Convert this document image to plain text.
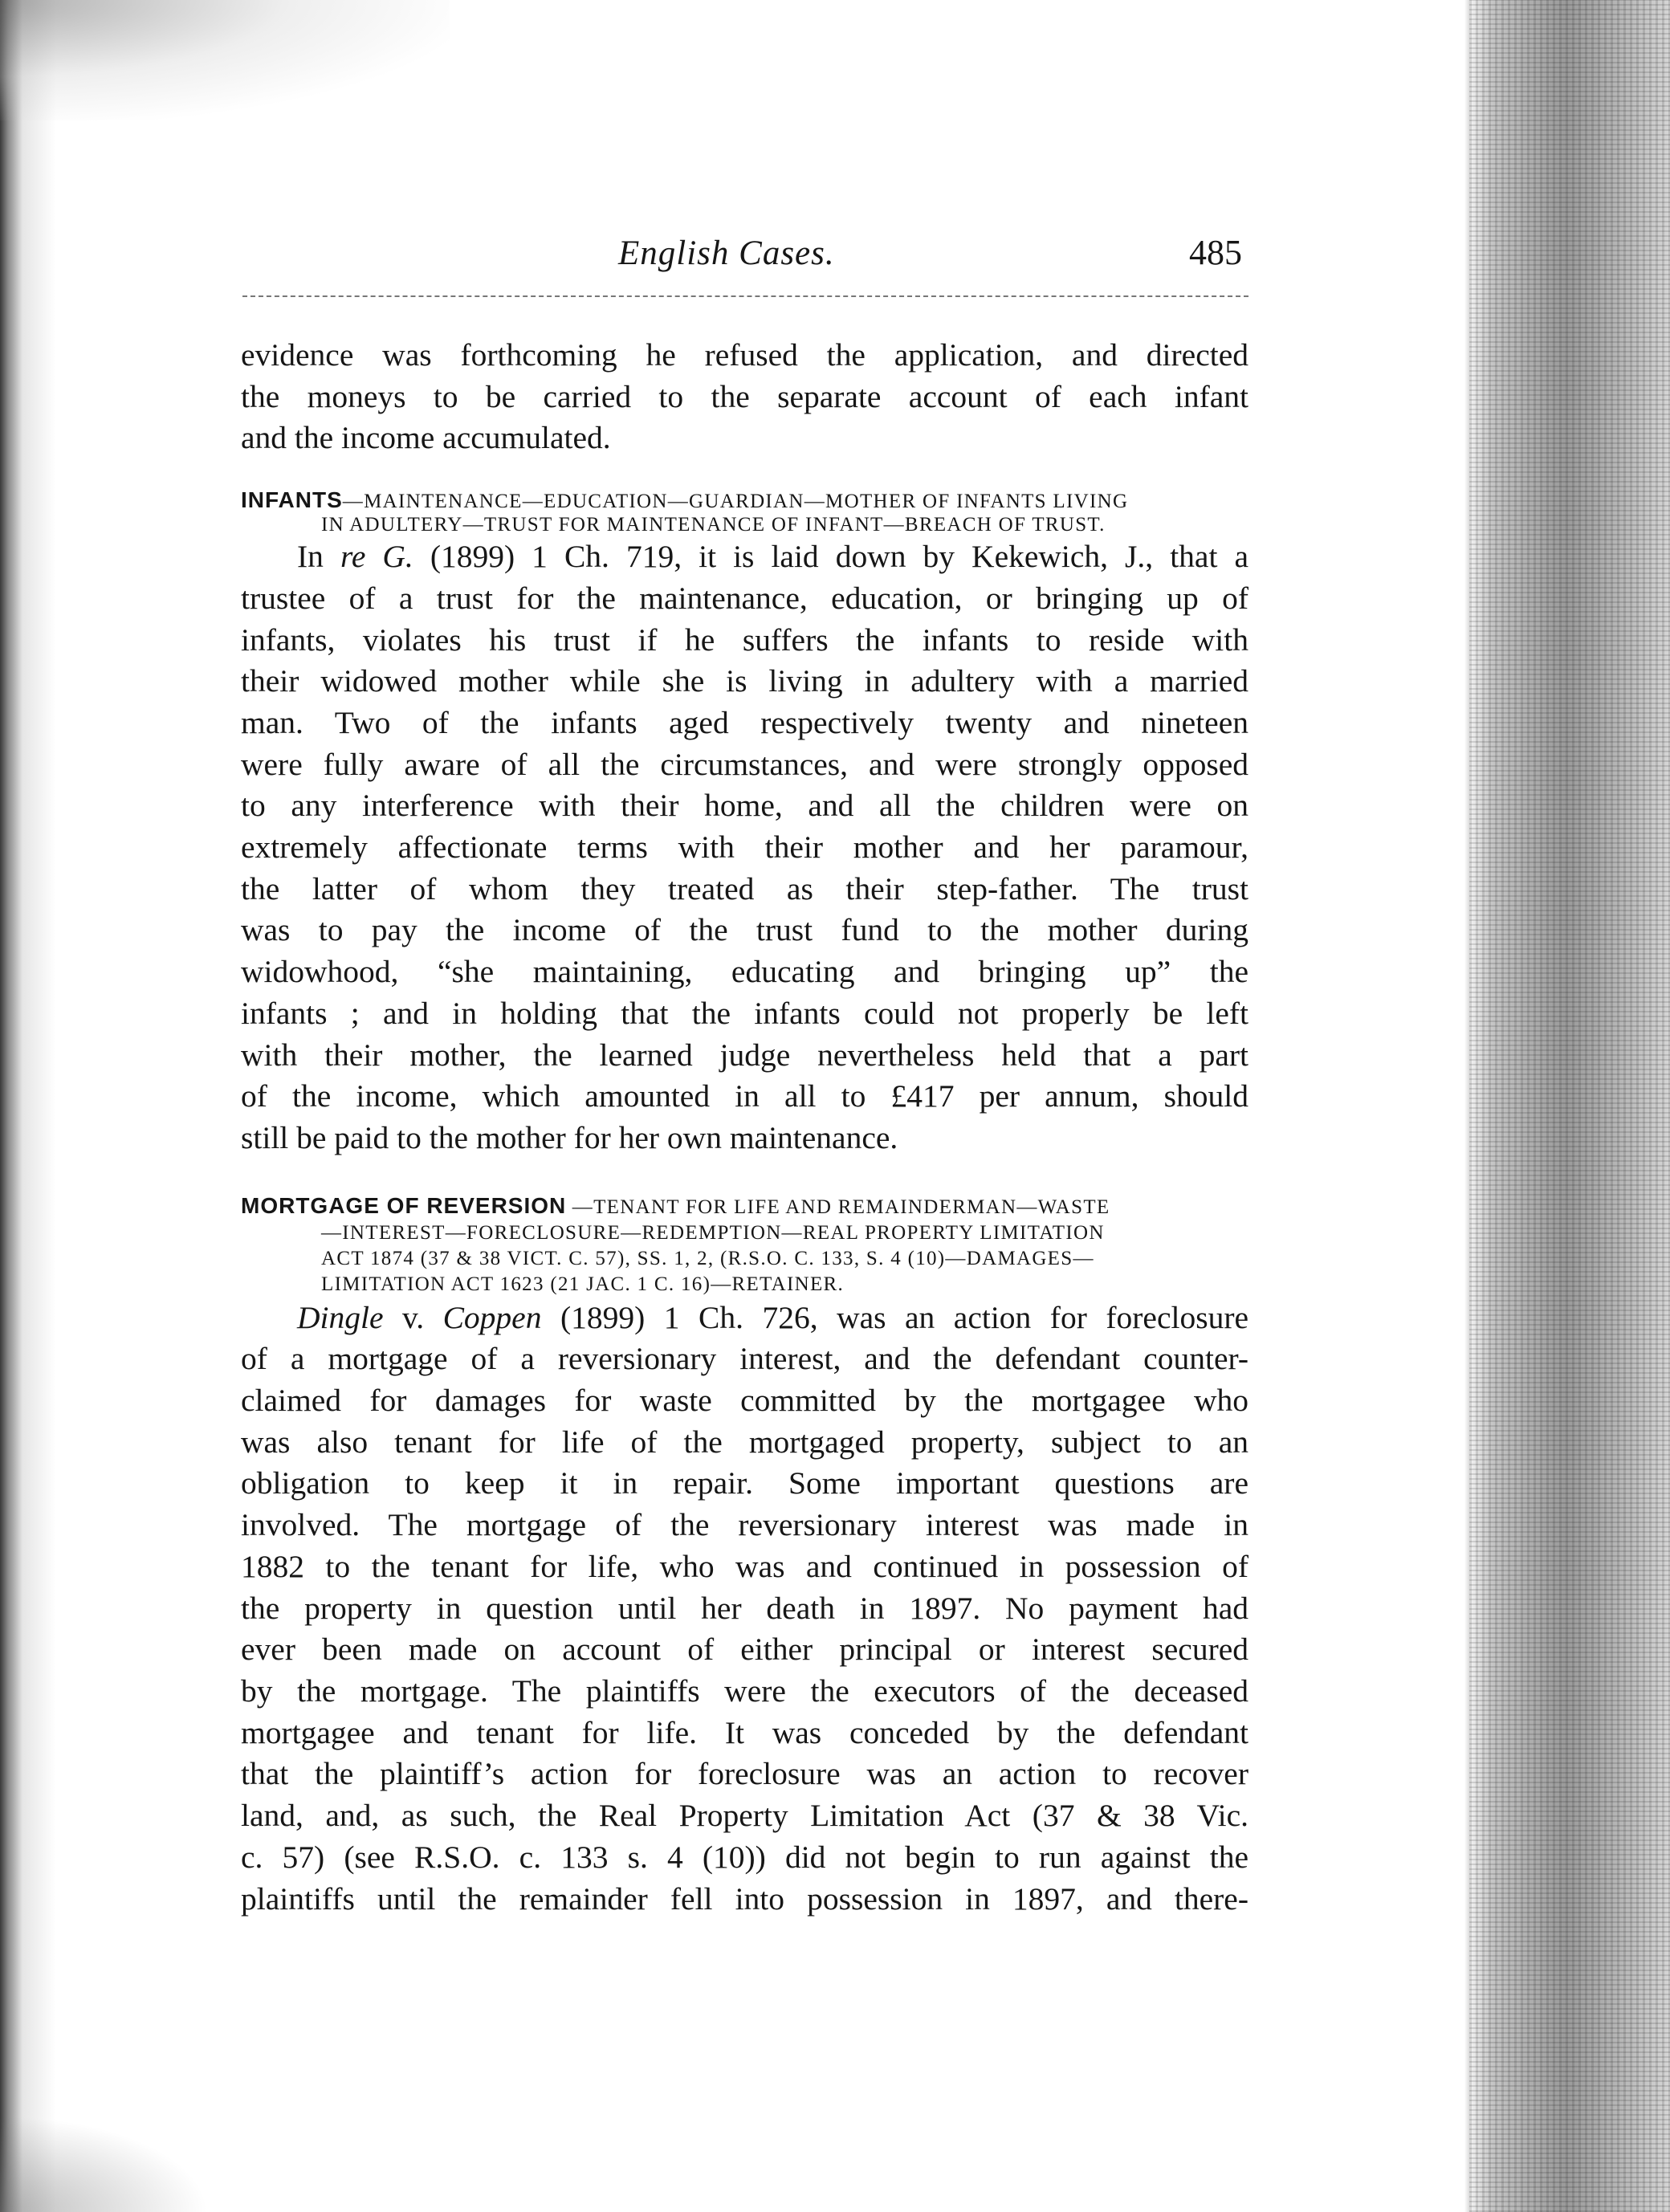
English Cases.	485

evidence was forthcoming he refused the application, and directed
the moneys to be carried to the separate account of each infant
and the income accumulated.

INFANTS—MAINTENANCE—EDUCATION—GUARDIAN—MOTHER OF INFANTS LIVING
IN ADULTERY—TRUST FOR MAINTENANCE OF INFANT—BREACH OF TRUST.

In re G. (1899) 1 Ch. 719, it is laid down by Kekewich, J., that a
trustee of a trust for the maintenance, education, or bringing up of
infants, violates his trust if he suffers the infants to reside with
their widowed mother while she is living in adultery with a married
man. Two of the infants aged respectively twenty and nineteen
were fully aware of all the circumstances, and were strongly opposed
to any interference with their home, and all the children were on
extremely affectionate terms with their mother and her paramour,
the latter of whom they treated as their step-father. The trust
was to pay the income of the trust fund to the mother during
widowhood, “she maintaining, educating and bringing up” the
infants ; and in holding that the infants could not properly be left
with their mother, the learned judge nevertheless held that a part
of the income, which amounted in all to £417 per annum, should
still be paid to the mother for her own maintenance.

MORTGAGE OF REVERSION —TENANT FOR LIFE AND REMAINDERMAN—WASTE
—INTEREST—FORECLOSURE—REDEMPTION—REAL PROPERTY LIMITATION
ACT 1874 (37 & 38 VICT. C. 57), SS. 1, 2, (R.S.O. C. 133, S. 4 (10)—DAMAGES—
LIMITATION ACT 1623 (21 JAC. 1 C. 16)—RETAINER.

Dingle v. Coppen (1899) 1 Ch. 726, was an action for foreclosure
of a mortgage of a reversionary interest, and the defendant counter-
claimed for damages for waste committed by the mortgagee who
was also tenant for life of the mortgaged property, subject to an
obligation to keep it in repair. Some important questions are
involved. The mortgage of the reversionary interest was made in
1882 to the tenant for life, who was and continued in possession of
the property in question until her death in 1897. No payment had
ever been made on account of either principal or interest secured
by the mortgage. The plaintiffs were the executors of the deceased
mortgagee and tenant for life. It was conceded by the defendant
that the plaintiff’s action for foreclosure was an action to recover
land, and, as such, the Real Property Limitation Act (37 & 38 Vic.
c. 57) (see R.S.O. c. 133 s. 4 (10)) did not begin to run against the
plaintiffs until the remainder fell into possession in 1897, and there-
